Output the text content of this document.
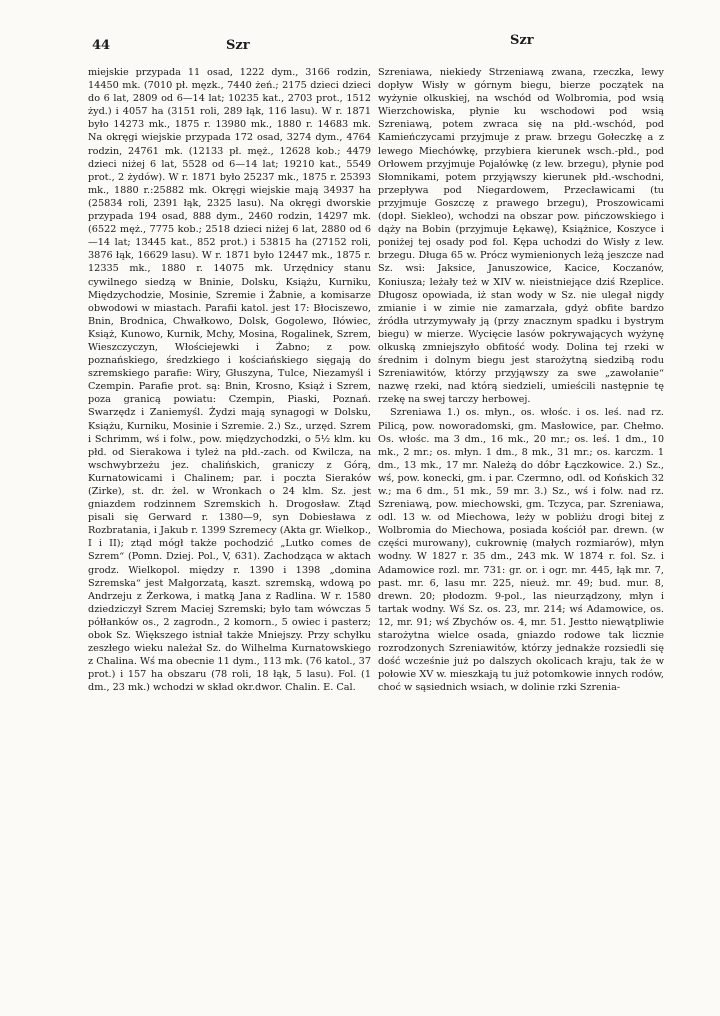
44	Szr	Szr

miejskie przypada 11 osad, 1222 dym., 3166 rodzin, 14450 mk. (7010 pł. męzk., 7440 żeń.; 2175 dzieci dzieci do 6 lat, 2809 od 6—14 lat; 10235 kat., 2703 prot., 1512 żyd.) i 4057 ha (3151 roli, 289 łąk, 116 lasu). W r. 1871 było 14273 mk., 1875 r. 13980 mk., 1880 r. 14683 mk. Na okręgi wiejskie przypada 172 osad, 3274 dym., 4764 rodzin, 24761 mk. (12133 pł. męż., 12628 kob.; 4479 dzieci niżej 6 lat, 5528 od 6—14 lat; 19210 kat., 5549 prot., 2 żydów). W r. 1871 było 25237 mk., 1875 r. 25393 mk., 1880 r.:25882 mk. Okręgi wiejskie mają 34937 ha (25834 roli, 2391 łąk, 2325 lasu). Na okręgi dworskie przypada 194 osad, 888 dym., 2460 rodzin, 14297 mk. (6522 męż., 7775 kob.; 2518 dzieci niżej 6 lat, 2880 od 6—14 lat; 13445 kat., 852 prot.) i 53815 ha (27152 roli, 3876 łąk, 16629 lasu). W r. 1871 było 12447 mk., 1875 r. 12335 mk., 1880 r. 14075 mk. Urzędnicy stanu cywilnego siedzą w Bninie, Dolsku, Książu, Kurniku, Międzychodzie, Mosinie, Szremie i Żabnie, a komisarze obwodowi w miastach. Parafii katol. jest 17: Błociszewo, Bnin, Brodnica, Chwałkowo, Dolsk, Gogolewo, Iłówiec, Książ, Kunowo, Kurnik, Mchy, Mosina, Rogalinek, Szrem, Wieszczyczyn, Włościejewki i Żabno; z pow. poznańskiego, średzkiego i kościańskiego sięgają do szremskiego parafie: Wiry, Głuszyna, Tulce, Niezamyśl i Czempin. Parafie prot. są: Bnin, Krosno, Książ i Szrem, poza granicą powiatu: Czempin, Piaski, Poznań. Swarzędz i Zaniemyśl. Żydzi mają synagogi w Dolsku, Książu, Kurniku, Mosinie i Szremie. 2.) Sz., urzęd. Szrem i Schrimm, wś i folw., pow. międzychodzki, o 5½ klm. ku płd. od Sierakowa i tyleż na płd.-zach. od Kwilcza, na wschwybrzeżu jez. chalińskich, graniczy z Górą, Kurnatowicami i Chalinem; par. i poczta Sieraków (Zirke), st. dr. żel. w Wronkach o 24 klm. Sz. jest gniazdem rodzinnem Szremskich h. Drogosław. Ztąd pisali się Gerward r. 1380—9, syn Dobiesława z Rozbratania, i Jakub r. 1399 Szremecy (Akta gr. Wielkop., I i II); ztąd mógł także pochodzić „Lutko comes de Szrem“ (Pomn. Dziej. Pol., V, 631). Zachodząca w aktach grodz. Wielkopol. między r. 1390 i 1398 „domina Szremska“ jest Małgorzatą, kaszt. szremską, wdową po Andrzeju z Żerkowa, i matką Jana z Radlina. W r. 1580 dziedziczył Szrem Maciej Szremski; było tam wówczas 5 półłanków os., 2 zagrodn., 2 komorn., 5 owiec i pasterz; obok Sz. Większego istniał także Mniejszy. Przy schyłku zeszłego wieku należał Sz. do Wilhelma Kurnatowskiego z Chalina. Wś ma obecnie 11 dym., 113 mk. (76 katol., 37 prot.) i 157 ha obszaru (78 roli, 18 łąk, 5 lasu). Fol. (1 dm., 23 mk.) wchodzi w skład okr.dwor. Chalin. E. Cal.

Szreniawa, niekiedy Strzeniawą zwana, rzeczka, lewy dopływ Wisły w górnym biegu, bierze początek na wyżynie olkuskiej, na wschód od Wolbromia, pod wsią Wierzchowiska, płynie ku wschodowi pod wsią Szreniawą, potem zwraca się na płd.-wschód, pod Kamieńczycami przyjmuje z praw. brzegu Gołeczkę a z lewego Miechówkę, przybiera kierunek wsch.-płd., pod Orłowem przyjmuje Pojałówkę (z lew. brzegu), płynie pod Słomnikami, potem przyjąwszy kierunek płd.-wschodni, przepływa pod Niegardowem, Przecławicami (tu przyjmuje Goszczę z prawego brzegu), Proszowicami (dopł. Siekleo), wchodzi na obszar pow. pińczowskiego i dąży na Bobin (przyjmuje Łękawę), Książnice, Koszyce i poniżej tej osady pod fol. Kępa uchodzi do Wisły z lew. brzegu. Długa 65 w. Prócz wymienionych leżą jeszcze nad Sz. wsi: Jaksice, Januszowice, Kacice, Koczanów, Koniusza; leżały też w XIV w. nieistniejące dziś Rzeplice. Długosz opowiada, iż stan wody w Sz. nie ulegał nigdy zmianie i w zimie nie zamarzała, gdyż obfite bardzo źródła utrzymywały ją (przy znacznym spadku i bystrym biegu) w mierze. Wycięcie lasów pokrywających wyżynę olkuską zmniejszyło obfitość wody. Dolina tej rzeki w średnim i dolnym biegu jest starożytną siedzibą rodu Szreniawitów, którzy przyjąwszy za swe „zawołanie“ nazwę rzeki, nad którą siedzieli, umieścili następnie tę rzekę na swej tarczy herbowej.

Szreniawa 1.) os. młyn., os. włośc. i os. leś. nad rz. Pilicą, pow. noworadomski, gm. Masłowice, par. Chełmo. Os. włośc. ma 3 dm., 16 mk., 20 mr.; os. leś. 1 dm., 10 mk., 2 mr.; os. młyn. 1 dm., 8 mk., 31 mr.; os. karczm. 1 dm., 13 mk., 17 mr. Należą do dóbr Łączkowice. 2.) Sz., wś, pow. konecki, gm. i par. Czermno, odl. od Końskich 32 w.; ma 6 dm., 51 mk., 59 mr. 3.) Sz., wś i folw. nad rz. Szreniawą, pow. miechowski, gm. Tczyca, par. Szreniawa, odl. 13 w. od Miechowa, leży w pobliżu drogi bitej z Wolbromia do Miechowa, posiada kościół par. drewn. (w części murowany), cukrownię (małych rozmiarów), młyn wodny. W 1827 r. 35 dm., 243 mk. W 1874 r. fol. Sz. i Adamowice rozl. mr. 731: gr. or. i ogr. mr. 445, łąk mr. 7, past. mr. 6, lasu mr. 225, nieuż. mr. 49; bud. mur. 8, drewn. 20; płodozm. 9-pol., las nieurządzony, młyn i tartak wodny. Wś Sz. os. 23, mr. 214; wś Adamowice, os. 12, mr. 91; wś Zbychów os. 4, mr. 51. Jestto niewątpliwie starożytna wielce osada, gniazdo rodowe tak licznie rozrodzonych Szreniawitów, którzy jednakże rozsiedli się dość wcześnie już po dalszych okolicach kraju, tak że w połowie XV w. mieszkają tu już potomkowie innych rodów, choć w sąsiednich wsiach, w dolinie rzki Szrenia-
